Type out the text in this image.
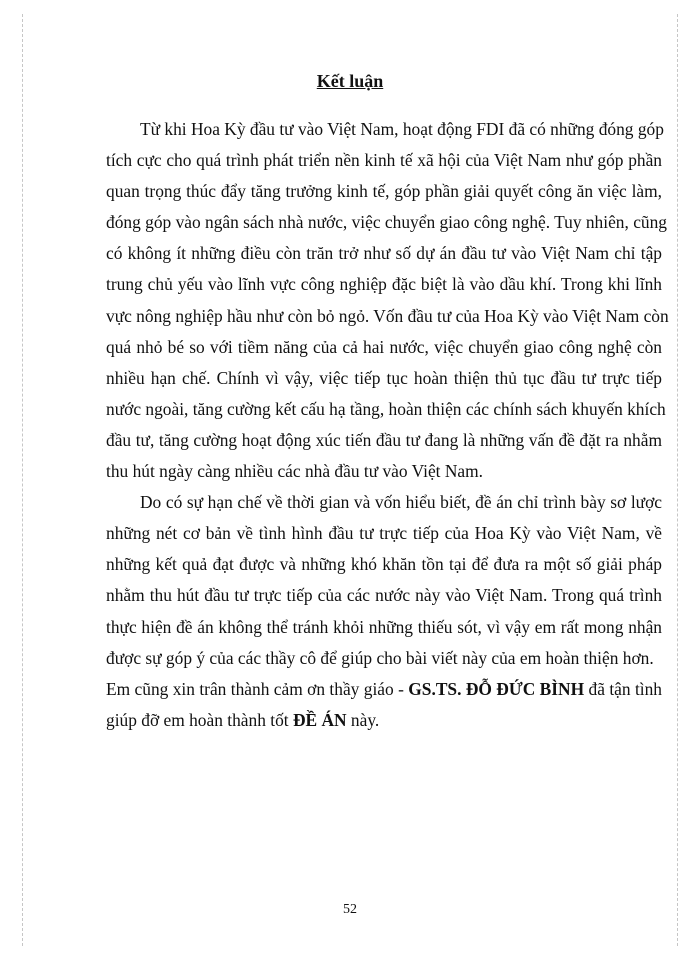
Kết luận
Từ khi Hoa Kỳ đầu tư vào Việt Nam, hoạt động FDI đã có những đóng góp
tích cực cho quá trình phát triển nền kinh tế xã hội của Việt Nam như góp phần
quan trọng thúc đẩy tăng trưởng kinh tế, góp phần giải quyết công ăn việc làm,
đóng góp vào ngân sách nhà nước, việc chuyển giao công nghệ. Tuy nhiên, cũng
có không ít những điều còn trăn trở như số dự án đầu tư vào Việt Nam chỉ tập
trung chủ yếu vào lĩnh vực công nghiệp đặc biệt là vào dầu khí. Trong khi lĩnh
vực nông nghiệp hầu như còn bỏ ngỏ. Vốn đầu tư của Hoa Kỳ vào Việt Nam còn
quá nhỏ bé so với tiềm năng của cả hai nước, việc chuyển giao công nghệ còn
nhiều hạn chế. Chính vì vậy, việc tiếp tục hoàn thiện thủ tục đầu tư trực tiếp
nước ngoài, tăng cường kết cấu hạ tầng, hoàn thiện các chính sách khuyến khích
đầu tư, tăng cường hoạt động xúc tiến đầu tư đang là những vấn đề đặt ra nhằm
thu hút ngày càng nhiều các nhà đầu tư vào Việt Nam.
Do có sự hạn chế về thời gian và vốn hiểu biết, đề án chỉ trình bày sơ lược
những nét cơ bản về tình hình đầu tư trực tiếp của Hoa Kỳ vào Việt Nam, về
những kết quả đạt được và những khó khăn tồn tại để đưa ra một số giải pháp
nhằm thu hút đầu tư trực tiếp của các nước này vào Việt Nam. Trong quá trình
thực hiện đề án không thể tránh khỏi những thiếu sót, vì vậy em rất mong nhận
được sự góp ý của các thầy cô để giúp cho bài viết này của em hoàn thiện hơn.
Em cũng xin trân thành cảm ơn thầy giáo - GS.TS. ĐỖ ĐỨC BÌNH đã tận tình
giúp đỡ em hoàn thành tốt ĐỀ ÁN này.
52
